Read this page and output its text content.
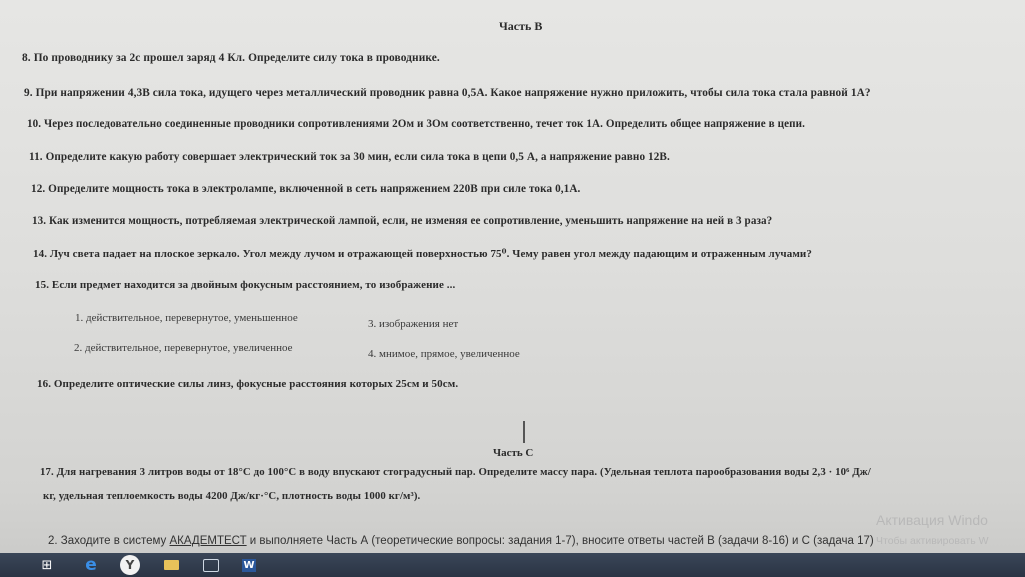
Часть В
8. По проводнику за 2с прошел заряд 4 Кл. Определите силу тока в проводнике.
9. При напряжении 4,3В сила тока, идущего через металлический проводник равна 0,5А. Какое напряжение нужно приложить, чтобы сила тока стала равной 1А?
10. Через последовательно соединенные проводники сопротивлениями 2Ом и 3Ом соответственно, течет ток 1А. Определить общее напряжение в цепи.
11. Определите какую работу совершает электрический ток за 30 мин, если сила тока в цепи 0,5 А, а напряжение равно 12В.
12. Определите мощность тока в электролампе, включенной в сеть напряжением 220В при силе тока 0,1А.
13. Как изменится мощность, потребляемая электрической лампой, если, не изменяя ее сопротивление, уменьшить напряжение на ней в 3 раза?
14. Луч света падает на плоское зеркало. Угол между лучом и отражающей поверхностью 75⁰. Чему равен угол между падающим и отраженным лучами?
15. Если предмет находится за двойным фокусным расстоянием, то изображение ...
1. действительное, перевернутое, уменьшенное	3. изображения нет
2. действительное, перевернутое, увеличенное	4. мнимое, прямое, увеличенное
16. Определите оптические силы линз, фокусные расстояния которых 25см и 50см.
Часть С
17. Для нагревания 3 литров воды от 18°С до 100°С в воду впускают стоградусный пар. Определите массу пара. (Удельная теплота парообразования воды 2,3 · 10⁶ Дж/
кг, удельная теплоемкость воды 4200 Дж/кг·°С, плотность воды 1000 кг/м³).
2. Заходите в систему АКАДЕМТЕСТ и выполняете Часть А (теоретические вопросы: задания 1-7), вносите ответы частей В (задачи 8-16) и С (задача 17)
Активация Windo
Чтобы активировать W
⊞ e	Y	W
